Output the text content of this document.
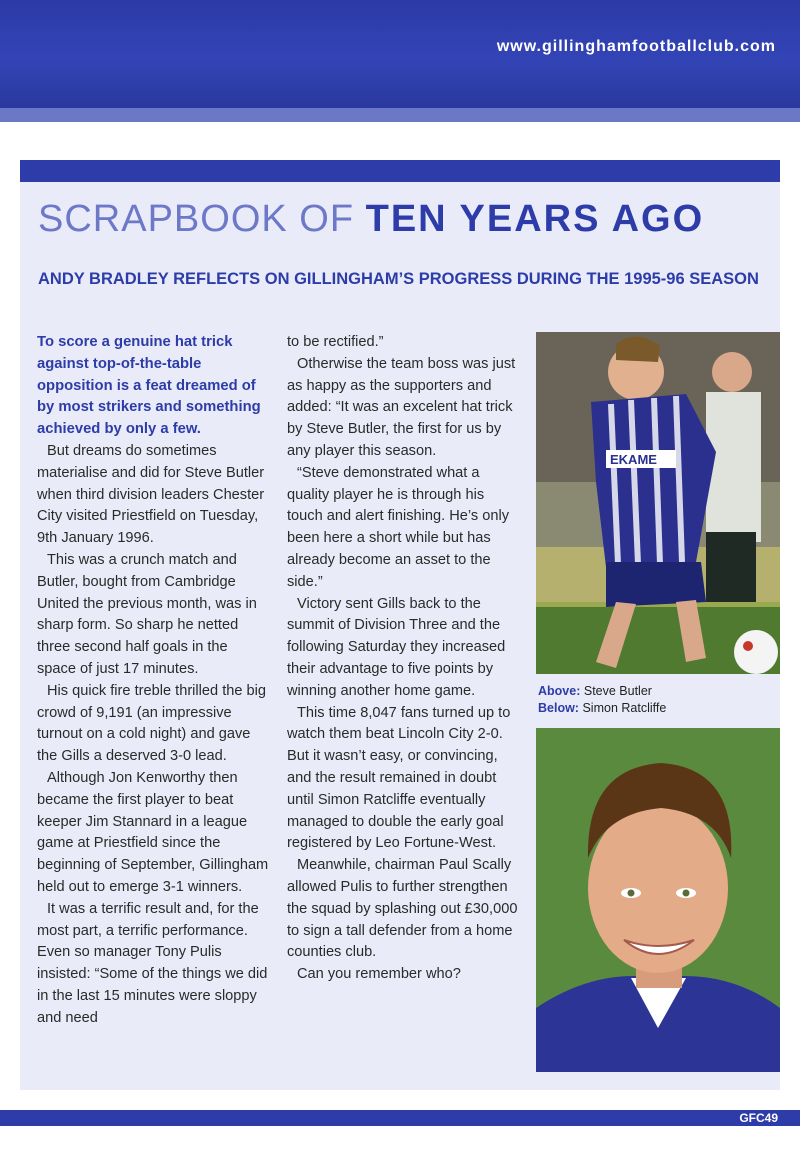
www.gillinghamfootballclub.com
SCRAPBOOK OF TEN YEARS AGO
ANDY BRADLEY REFLECTS ON GILLINGHAM’S PROGRESS DURING THE 1995-96 SEASON

To score a genuine hat trick against top-of-the-table opposition is a feat dreamed of by most strikers and something achieved by only a few.

But dreams do sometimes materialise and did for Steve Butler when third division leaders Chester City visited Priestfield on Tuesday, 9th January 1996.

This was a crunch match and Butler, bought from Cambridge United the previous month, was in sharp form. So sharp he netted three second half goals in the space of just 17 minutes.

His quick fire treble thrilled the big crowd of 9,191 (an impressive turnout on a cold night) and gave the Gills a deserved 3-0 lead.

Although Jon Kenworthy then became the first player to beat keeper Jim Stannard in a league game at Priestfield since the beginning of September, Gillingham held out to emerge 3-1 winners.

It was a terrific result and, for the most part, a terrific performance. Even so manager Tony Pulis insisted: “Some of the things we did in the last 15 minutes were sloppy and need

to be rectified.”

Otherwise the team boss was just as happy as the supporters and added: “It was an excelent hat trick by Steve Butler, the first for us by any player this season.

“Steve demonstrated what a quality player he is through his touch and alert finishing. He’s only been here a short while but has already become an asset to the side.”

Victory sent Gills back to the summit of Division Three and the following Saturday they increased their advantage to five points by winning another home game.

This time 8,047 fans turned up to watch them beat Lincoln City 2-0. But it wasn’t easy, or convincing, and the result remained in doubt until Simon Ratcliffe eventually managed to double the early goal registered by Leo Fortune-West.

Meanwhile, chairman Paul Scally allowed Pulis to further strengthen the squad by splashing out £30,000 to sign a tall defender from a home counties club.

Can you remember who?

EKAME
Above: Steve Butler
Below: Simon Ratcliffe
GFC49
